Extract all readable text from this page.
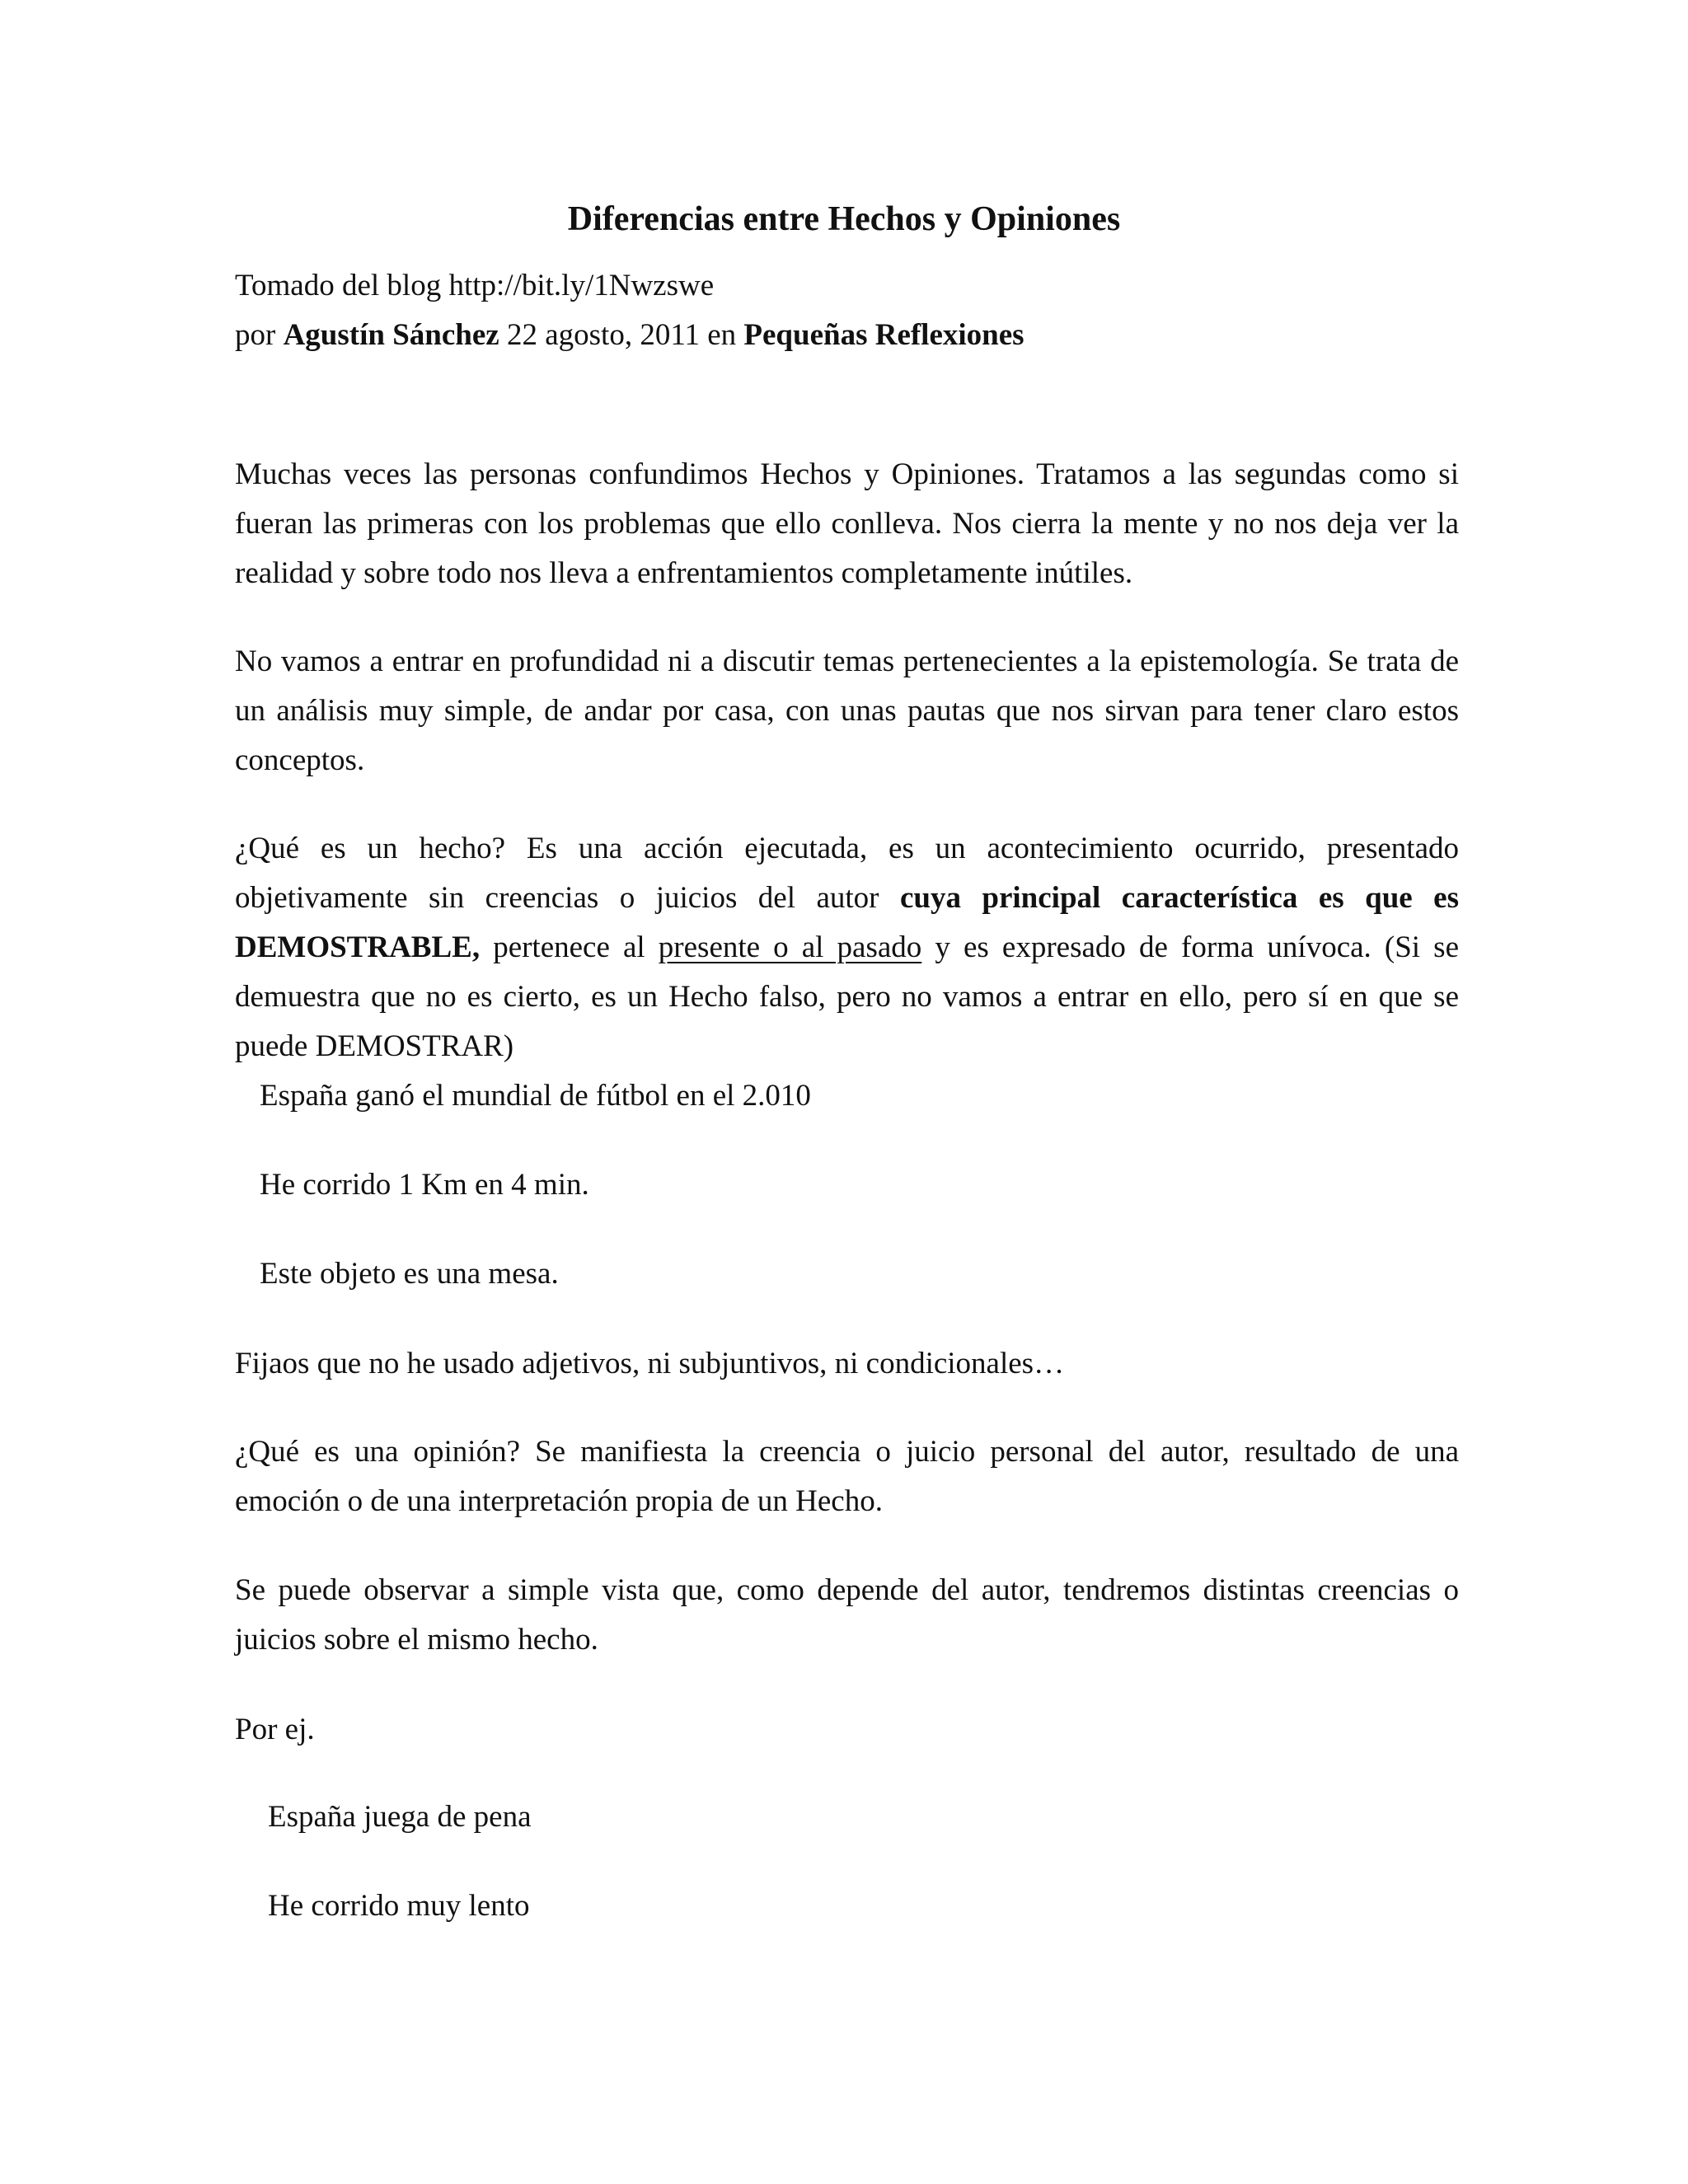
Diferencias entre Hechos y Opiniones

Tomado del blog http://bit.ly/1Nwzswe

por Agustín Sánchez 22 agosto, 2011 en Pequeñas Reflexiones

Muchas veces las personas confundimos Hechos y Opiniones. Tratamos a las segundas como si fueran las primeras con los problemas que ello conlleva. Nos cierra la mente y no nos deja ver la realidad y sobre todo nos lleva a enfrentamientos completamente inútiles.

No vamos a entrar en profundidad ni a discutir temas pertenecientes a la epistemología. Se trata de un análisis muy simple, de andar por casa, con unas pautas que nos sirvan para tener claro estos conceptos.

¿Qué es un hecho? Es una acción ejecutada, es un acontecimiento ocurrido, presentado objetivamente sin creencias o juicios del autor cuya principal característica es que es DEMOSTRABLE, pertenece al presente o al pasado y es expresado de forma unívoca. (Si se demuestra que no es cierto, es un Hecho falso, pero no vamos a entrar en ello, pero sí en que se puede DEMOSTRAR)

España ganó el mundial de fútbol en el 2.010

He corrido 1 Km en 4 min.

Este objeto es una mesa.

Fijaos que no he usado adjetivos, ni subjuntivos, ni condicionales…

¿Qué es una opinión? Se manifiesta la creencia o juicio personal del autor, resultado de una emoción o de una interpretación propia de un Hecho.

Se puede observar a simple vista que, como depende del autor, tendremos distintas creencias o juicios sobre el mismo hecho.

Por ej.

España juega de pena

He corrido muy lento
